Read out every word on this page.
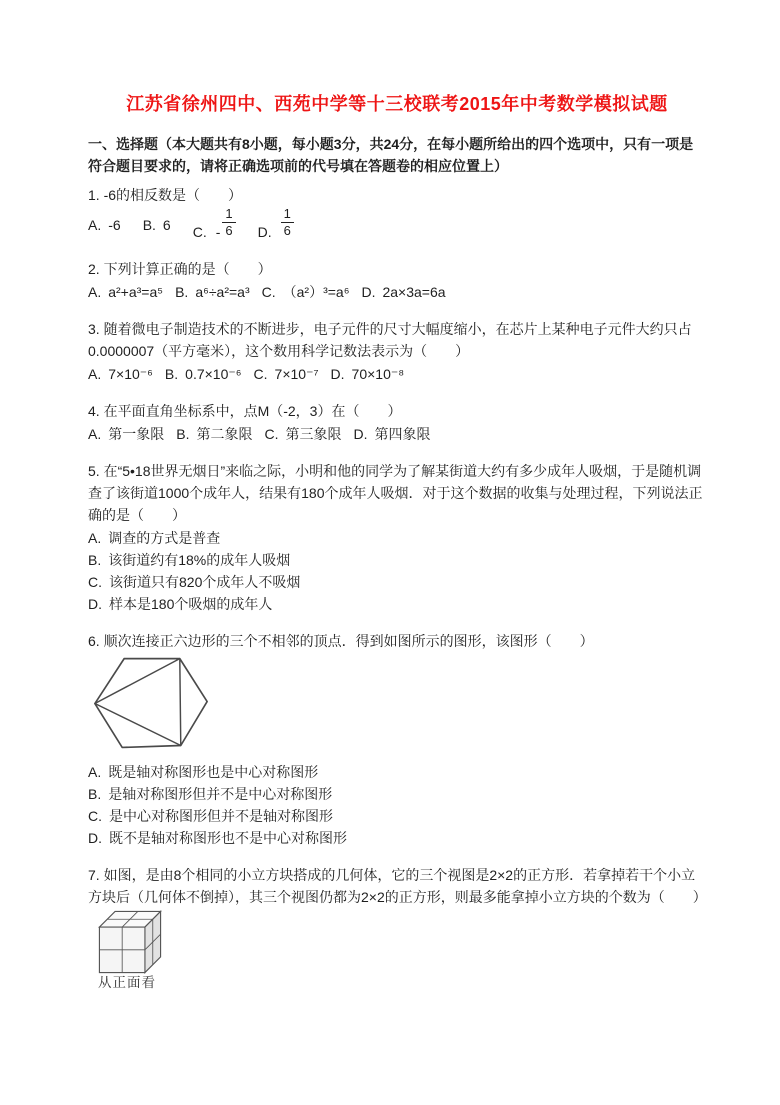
江苏省徐州四中、西苑中学等十三校联考2015年中考数学模拟试题

一、选择题（本大题共有8小题，每小题3分，共24分，在每小题所给出的四个选项中，只有一项是符合题目要求的，请将正确选项前的代号填在答题卷的相应位置上）

1. -6的相反数是（　　）

A. -6 B. 6 C. - $\frac{1}{6} D$. $\frac{1}{6}$

2. 下列计算正确的是（　　）

A. a²+a³=a⁵ B. a⁶÷a²=a³ C. （a²）³=a⁶ D. 2a×3a=6a

3. 随着微电子制造技术的不断进步，电子元件的尺寸大幅度缩小，在芯片上某种电子元件大约只占0.0000007（平方毫米），这个数用科学记数法表示为（　　）

A. 7×10⁻⁶ B. 0.7×10⁻⁶ C. 7×10⁻⁷ D. 70×10⁻⁸

4. 在平面直角坐标系中，点M（-2，3）在（　　）

A. 第一象限 B. 第二象限 C. 第三象限 D. 第四象限

5. 在“5•18世界无烟日”来临之际，小明和他的同学为了解某街道大约有多少成年人吸烟，于是随机调查了该街道1000个成年人，结果有180个成年人吸烟．对于这个数据的收集与处理过程，下列说法正确的是（　　）

A. 调查的方式是普查
B. 该街道约有18%的成年人吸烟
C. 该街道只有820个成年人不吸烟
D. 样本是180个吸烟的成年人

6. 顺次连接正六边形的三个不相邻的顶点．得到如图所示的图形，该图形（　　）

A. 既是轴对称图形也是中心对称图形
B. 是轴对称图形但并不是中心对称图形
C. 是中心对称图形但并不是轴对称图形
D. 既不是轴对称图形也不是中心对称图形

7. 如图，是由8个相同的小立方块搭成的几何体，它的三个视图是2×2的正方形．若拿掉若干个小立方块后（几何体不倒掉），其三个视图仍都为2×2的正方形，则最多能拿掉小立方块的个数为（　　）

从正面看
